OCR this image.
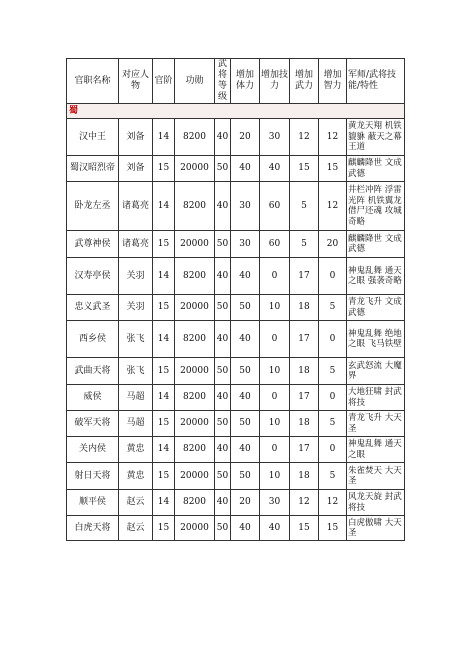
官职名称	对应人物	官阶	功勋	武将等级	增加体力	增加技力	增加武力	增加智力	军师/武将技能/特性
蜀									
汉中王	刘备	14	8200	40	20	30	12	12	黄龙天翔 机铁貔貅 蔽天之幕 王道
蜀汉昭烈帝	刘备	15	20000	50	40	40	15	15	麒麟降世 文成武德
卧龙左丞	诸葛亮	14	8200	40	30	60	5	12	井栏冲阵 浮雷光阵 机铁翼龙 借尸还魂 攻城奇略
武尊神侯	诸葛亮	15	20000	50	30	60	5	20	麒麟降世 文成武德
汉寿亭侯	关羽	14	8200	40	40	0	17	0	神鬼乱舞 通天之眼 强袭奇略
忠义武圣	关羽	15	20000	50	50	10	18	5	青龙飞升 文成武德
西乡侯	张飞	14	8200	40	40	0	17	0	神鬼乱舞 绝地之眼 飞马铁壁
武曲天将	张飞	15	20000	50	50	10	18	5	玄武怒流 大魔界
威侯	马超	14	8200	40	40	0	17	0	大地狂啸 封武将技
破军天将	马超	15	20000	50	50	10	18	5	青龙飞升 大天圣
关内侯	黄忠	14	8200	40	40	0	17	0	神鬼乱舞 通天之眼
射日天将	黄忠	15	20000	50	50	10	18	5	朱雀焚天 大天圣
顺平侯	赵云	14	8200	40	20	30	12	12	风龙天旋 封武将技
白虎天将	赵云	15	20000	50	40	40	15	15	白虎傲啸 大天圣
